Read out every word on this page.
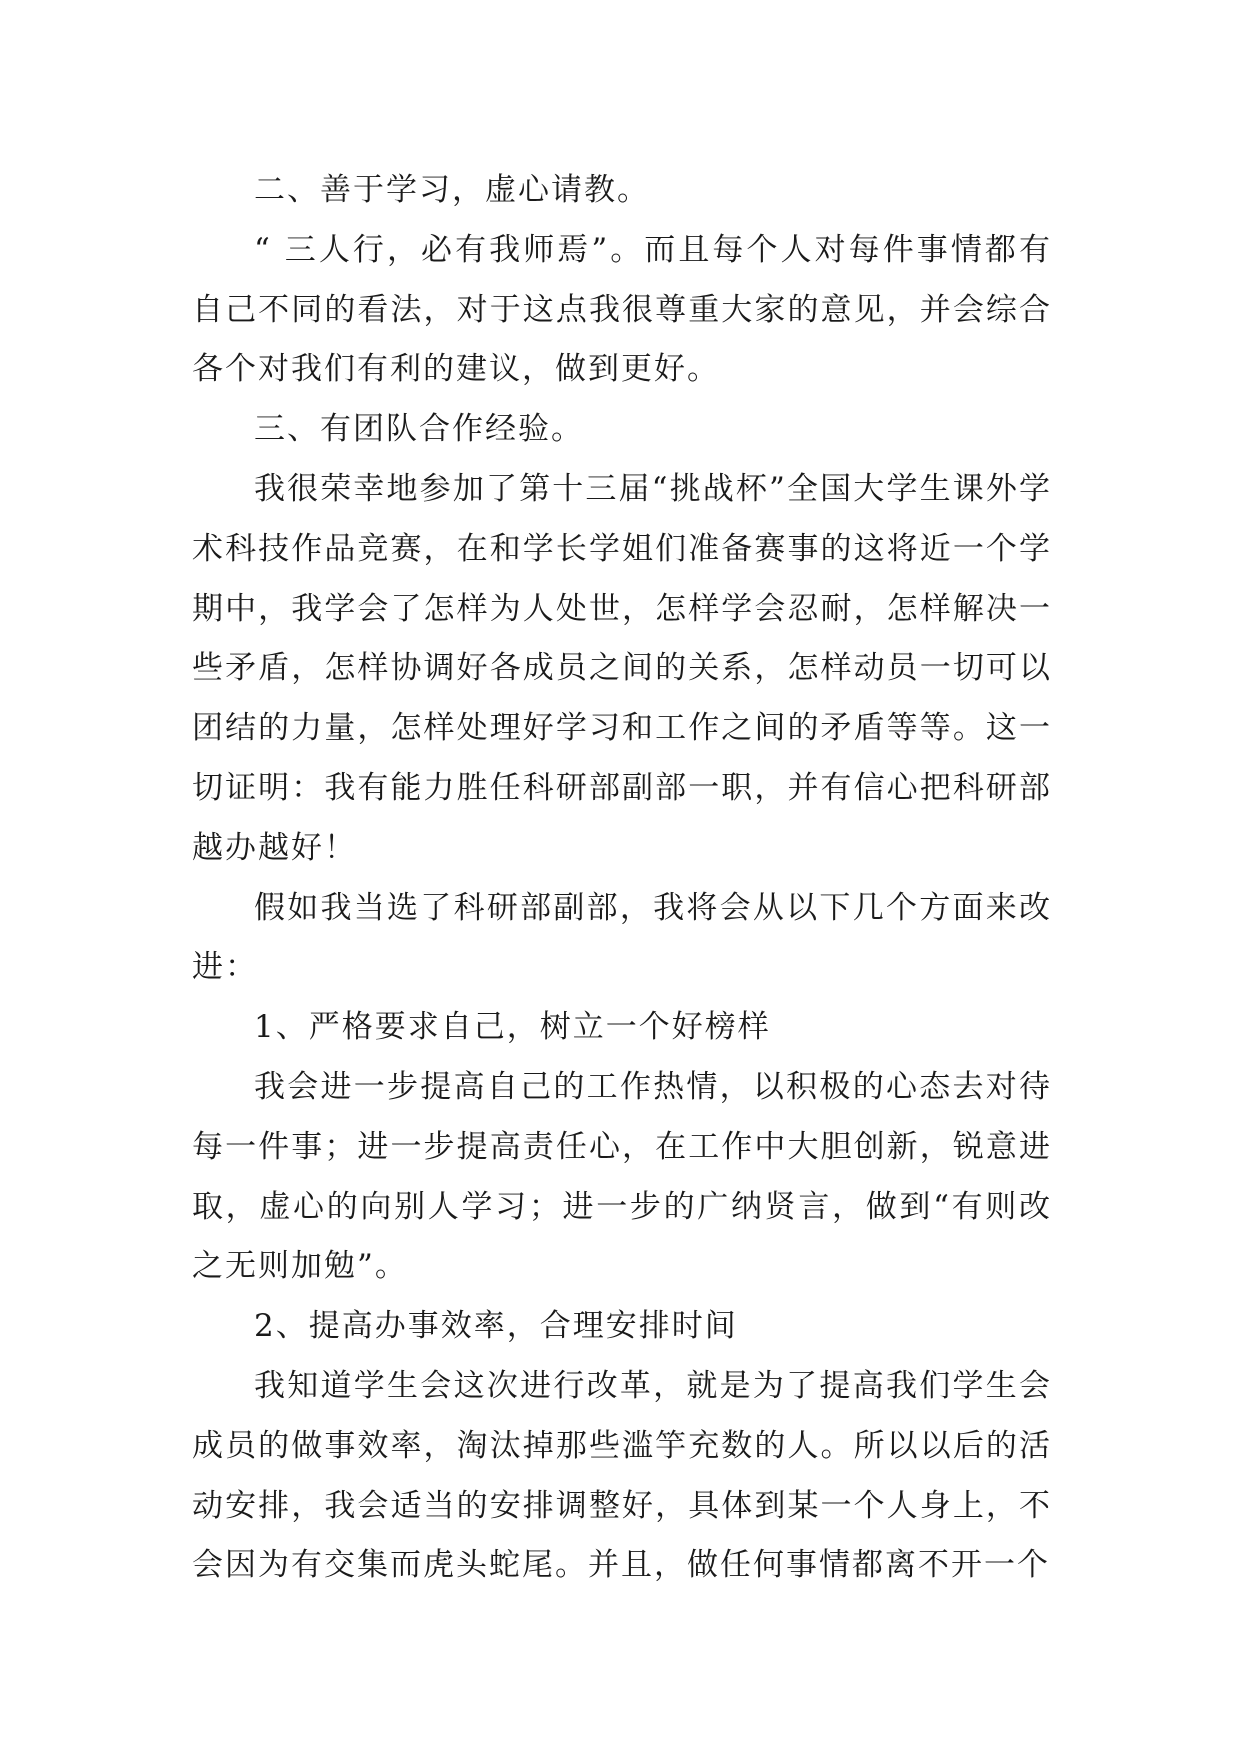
二、善于学习，虚心请教。

“ 三人行，必有我师焉”。而且每个人对每件事情都有自己不同的看法，对于这点我很尊重大家的意见，并会综合各个对我们有利的建议，做到更好。

三、有团队合作经验。

我很荣幸地参加了第十三届“挑战杯”全国大学生课外学术科技作品竞赛，在和学长学姐们准备赛事的这将近一个学期中，我学会了怎样为人处世，怎样学会忍耐，怎样解决一些矛盾，怎样协调好各成员之间的关系，怎样动员一切可以团结的力量，怎样处理好学习和工作之间的矛盾等等。这一切证明：我有能力胜任科研部副部一职，并有信心把科研部越办越好！

假如我当选了科研部副部，我将会从以下几个方面来改进：

1、严格要求自己，树立一个好榜样

我会进一步提高自己的工作热情，以积极的心态去对待每一件事；进一步提高责任心，在工作中大胆创新，锐意进取，虚心的向别人学习；进一步的广纳贤言，做到“有则改之无则加勉”。

2、提高办事效率，合理安排时间

我知道学生会这次进行改革，就是为了提高我们学生会成员的做事效率，淘汰掉那些滥竽充数的人。所以以后的活动安排，我会适当的安排调整好，具体到某一个人身上，不会因为有交集而虎头蛇尾。并且，做任何事情都离不开一个
